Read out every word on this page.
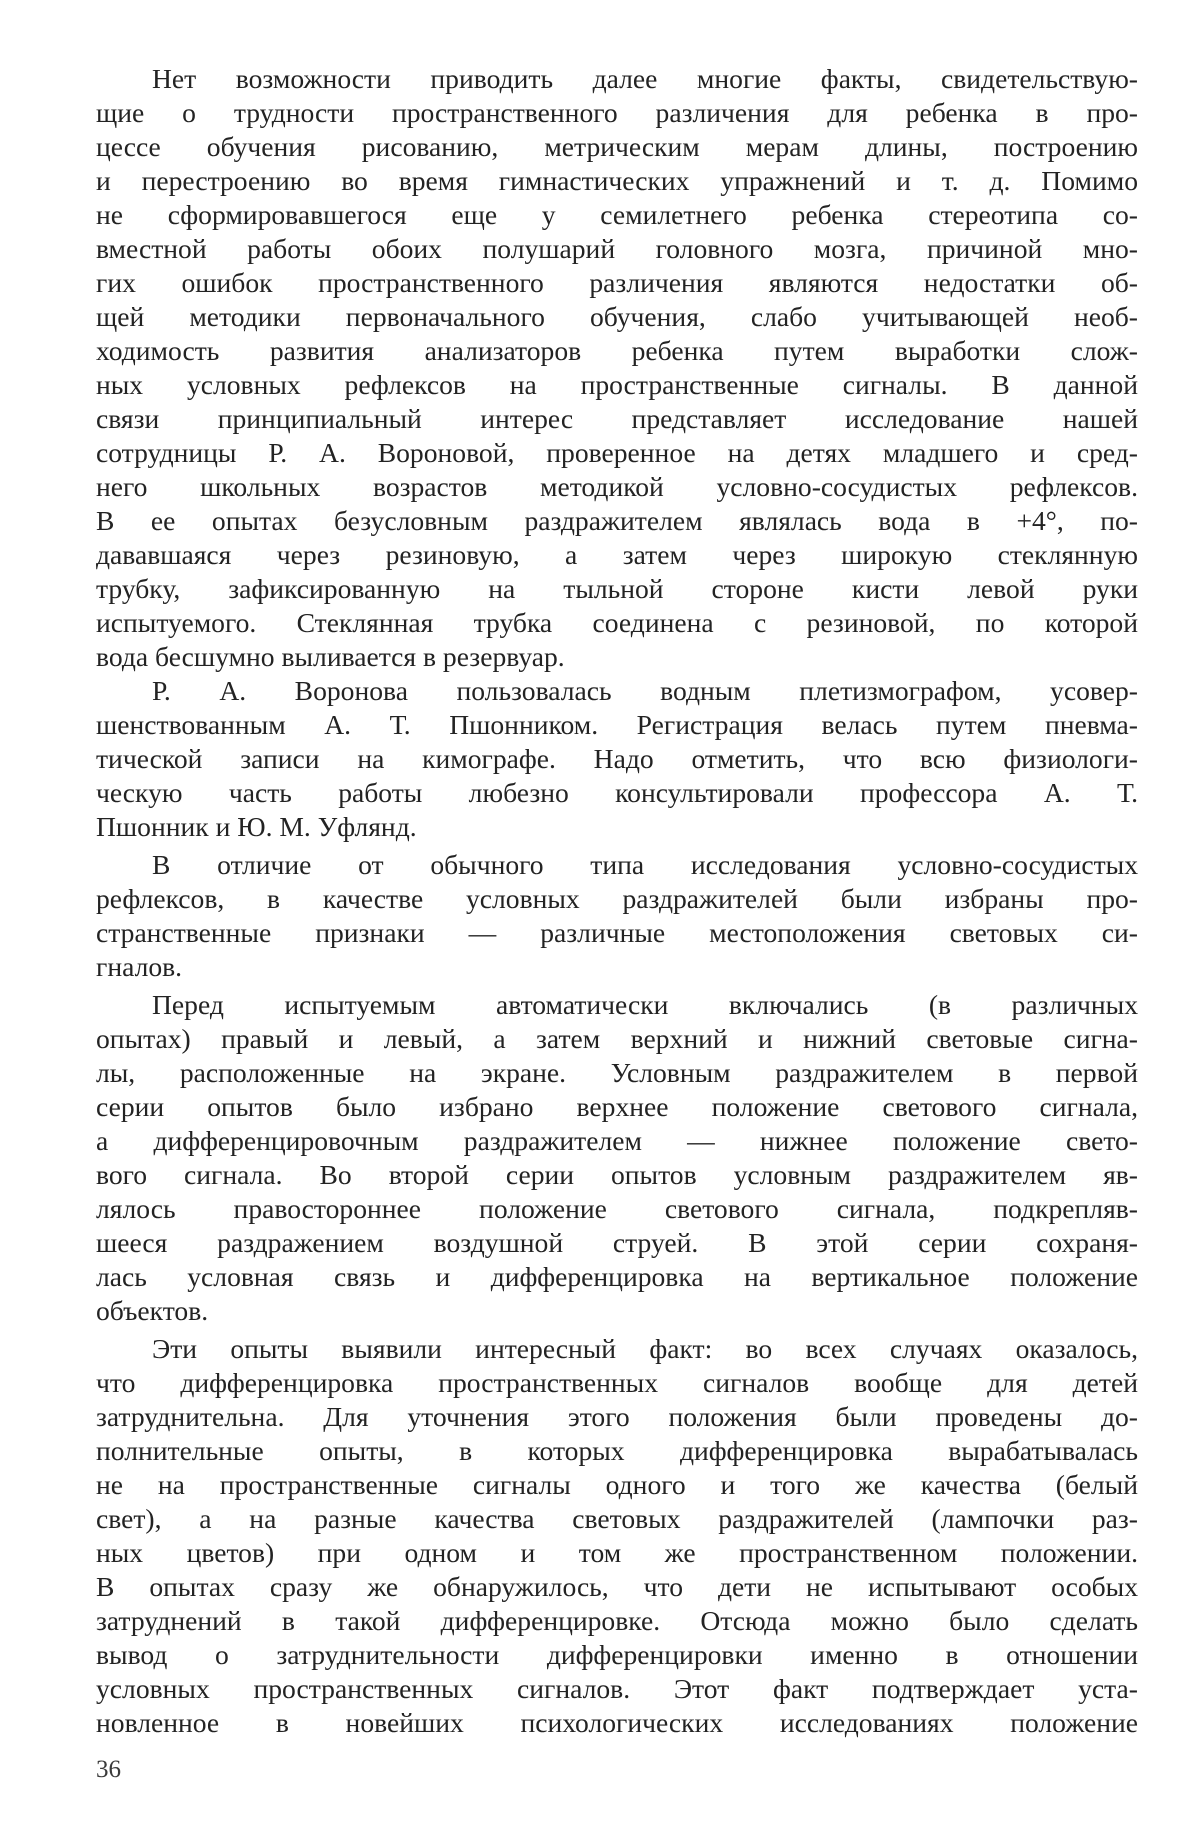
Нет возможности приводить далее многие факты, свидетельствую-
щие о трудности пространственного различения для ребенка в про-
цессе обучения рисованию, метрическим мерам длины, построению
и перестроению во время гимнастических упражнений и т. д. Помимо
не сформировавшегося еще у семилетнего ребенка стереотипа со-
вместной работы обоих полушарий головного мозга, причиной мно-
гих ошибок пространственного различения являются недостатки об-
щей методики первоначального обучения, слабо учитывающей необ-
ходимость развития анализаторов ребенка путем выработки слож-
ных условных рефлексов на пространственные сигналы. В данной
связи принципиальный интерес представляет исследование нашей
сотрудницы Р. А. Вороновой, проверенное на детях младшего и сред-
него школьных возрастов методикой условно-сосудистых рефлексов.
В ее опытах безусловным раздражителем являлась вода в +4°, по-
дававшаяся через резиновую, а затем через широкую стеклянную
трубку, зафиксированную на тыльной стороне кисти левой руки
испытуемого. Стеклянная трубка соединена с резиновой, по которой
вода бесшумно выливается в резервуар.
Р. А. Воронова пользовалась водным плетизмографом, усовер-
шенствованным А. Т. Пшонником. Регистрация велась путем пневма-
тической записи на кимографе. Надо отметить, что всю физиологи-
ческую часть работы любезно консультировали профессора А. Т.
Пшонник и Ю. М. Уфлянд.
В отличие от обычного типа исследования условно-сосудистых
рефлексов, в качестве условных раздражителей были избраны про-
странственные признаки — различные местоположения световых си-
гналов.
Перед испытуемым автоматически включались (в различных
опытах) правый и левый, а затем верхний и нижний световые сигна-
лы, расположенные на экране. Условным раздражителем в первой
серии опытов было избрано верхнее положение светового сигнала,
а дифференцировочным раздражителем — нижнее положение свето-
вого сигнала. Во второй серии опытов условным раздражителем яв-
лялось правостороннее положение светового сигнала, подкрепляв-
шееся раздражением воздушной струей. В этой серии сохраня-
лась условная связь и дифференцировка на вертикальное положение
объектов.
Эти опыты выявили интересный факт: во всех случаях оказалось,
что дифференцировка пространственных сигналов вообще для детей
затруднительна. Для уточнения этого положения были проведены до-
полнительные опыты, в которых дифференцировка вырабатывалась
не на пространственные сигналы одного и того же качества (белый
свет), а на разные качества световых раздражителей (лампочки раз-
ных цветов) при одном и том же пространственном положении.
В опытах сразу же обнаружилось, что дети не испытывают особых
затруднений в такой дифференцировке. Отсюда можно было сделать
вывод о затруднительности дифференцировки именно в отношении
условных пространственных сигналов. Этот факт подтверждает уста-
новленное в новейших психологических исследованиях положение
36
